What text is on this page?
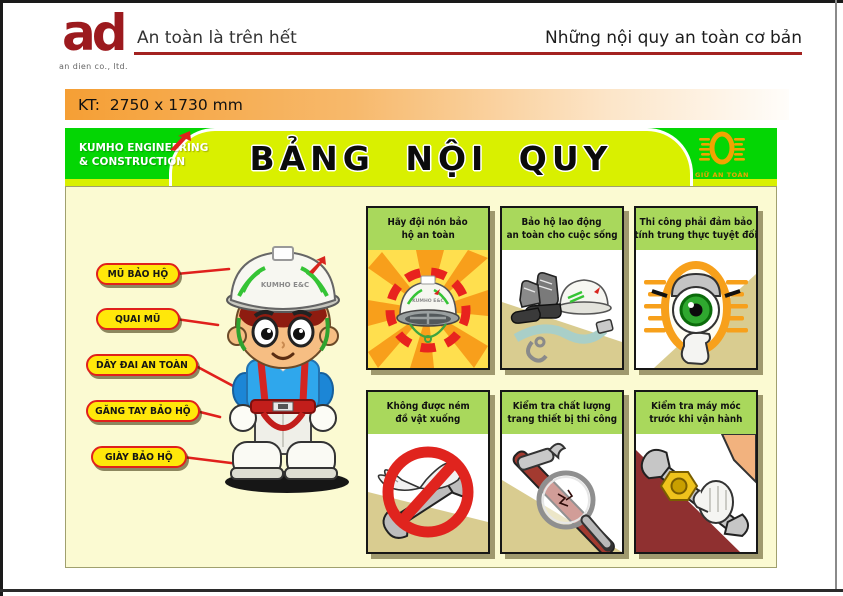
ad
an dien co., ltd.
An toàn là trên hết	Những nội quy an toàn cơ bản
KT:  2750 x 1730 mm
BẢNG NỘI QUY
KUMHO ENGINEERING
& CONSTRUCTION
GIỮ AN TOÀN
MŨ BẢO HỘ
QUAI MŨ
DÂY ĐAI AN TOÀN
GĂNG TAY BẢO HỘ
GIÀY BẢO HỘ
KUMHO E&C
Hãy đội nón bảo
hộ an toàn
KUMHO E&C
Bảo hộ lao động
an toàn cho cuộc sống
Thi công phải đảm bảo
tính trung thực tuyệt đối
Không được ném
đồ vật xuống
Kiểm tra chất lượng
trang thiết bị thi công
Kiểm tra máy móc
trước khi vận hành
